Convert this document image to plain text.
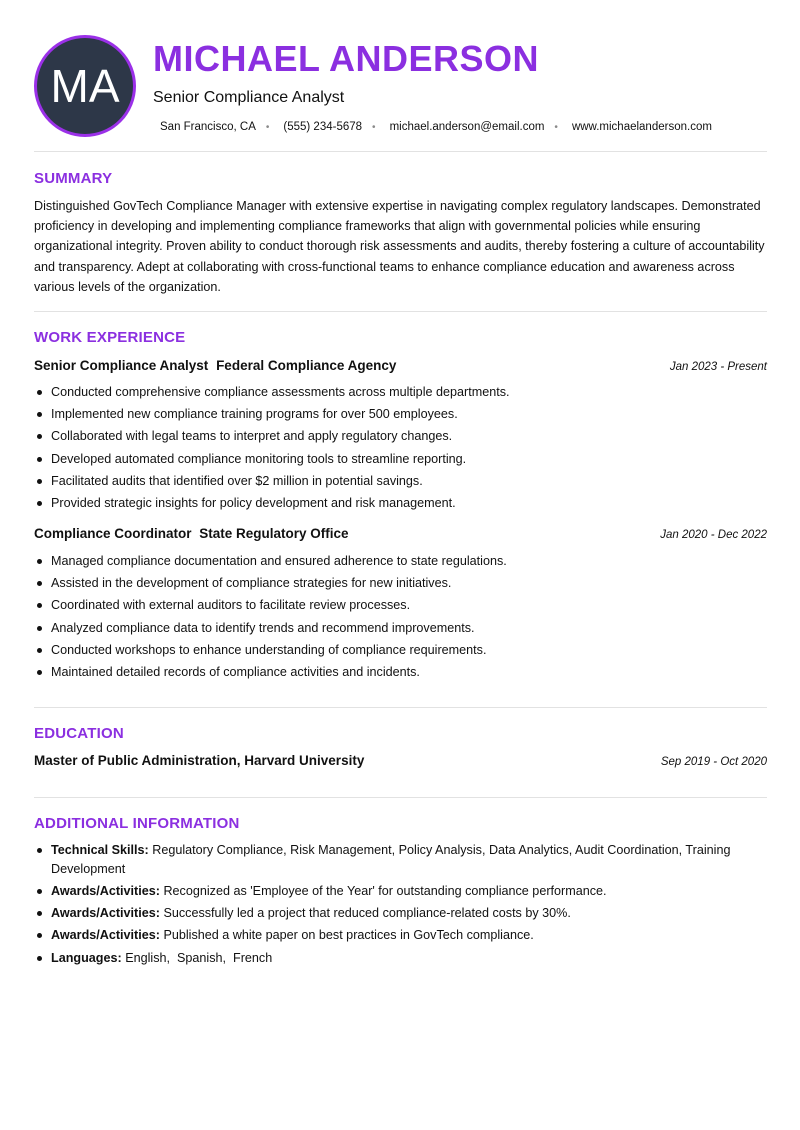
MA
MICHAEL ANDERSON
Senior Compliance Analyst
San Francisco, CA • (555) 234-5678 • michael.anderson@email.com • www.michaelanderson.com
SUMMARY
Distinguished GovTech Compliance Manager with extensive expertise in navigating complex regulatory landscapes. Demonstrated proficiency in developing and implementing compliance frameworks that align with governmental policies while ensuring organizational integrity. Proven ability to conduct thorough risk assessments and audits, thereby fostering a culture of accountability and transparency. Adept at collaborating with cross-functional teams to enhance compliance education and awareness across various levels of the organization.
WORK EXPERIENCE
Senior Compliance Analyst Federal Compliance Agency	Jan 2023 - Present
Conducted comprehensive compliance assessments across multiple departments.
Implemented new compliance training programs for over 500 employees.
Collaborated with legal teams to interpret and apply regulatory changes.
Developed automated compliance monitoring tools to streamline reporting.
Facilitated audits that identified over $2 million in potential savings.
Provided strategic insights for policy development and risk management.
Compliance Coordinator State Regulatory Office	Jan 2020 - Dec 2022
Managed compliance documentation and ensured adherence to state regulations.
Assisted in the development of compliance strategies for new initiatives.
Coordinated with external auditors to facilitate review processes.
Analyzed compliance data to identify trends and recommend improvements.
Conducted workshops to enhance understanding of compliance requirements.
Maintained detailed records of compliance activities and incidents.
EDUCATION
Master of Public Administration, Harvard University	Sep 2019 - Oct 2020
ADDITIONAL INFORMATION
Technical Skills: Regulatory Compliance, Risk Management, Policy Analysis, Data Analytics, Audit Coordination, Training Development
Awards/Activities: Recognized as 'Employee of the Year' for outstanding compliance performance.
Awards/Activities: Successfully led a project that reduced compliance-related costs by 30%.
Awards/Activities: Published a white paper on best practices in GovTech compliance.
Languages: English,  Spanish,  French
